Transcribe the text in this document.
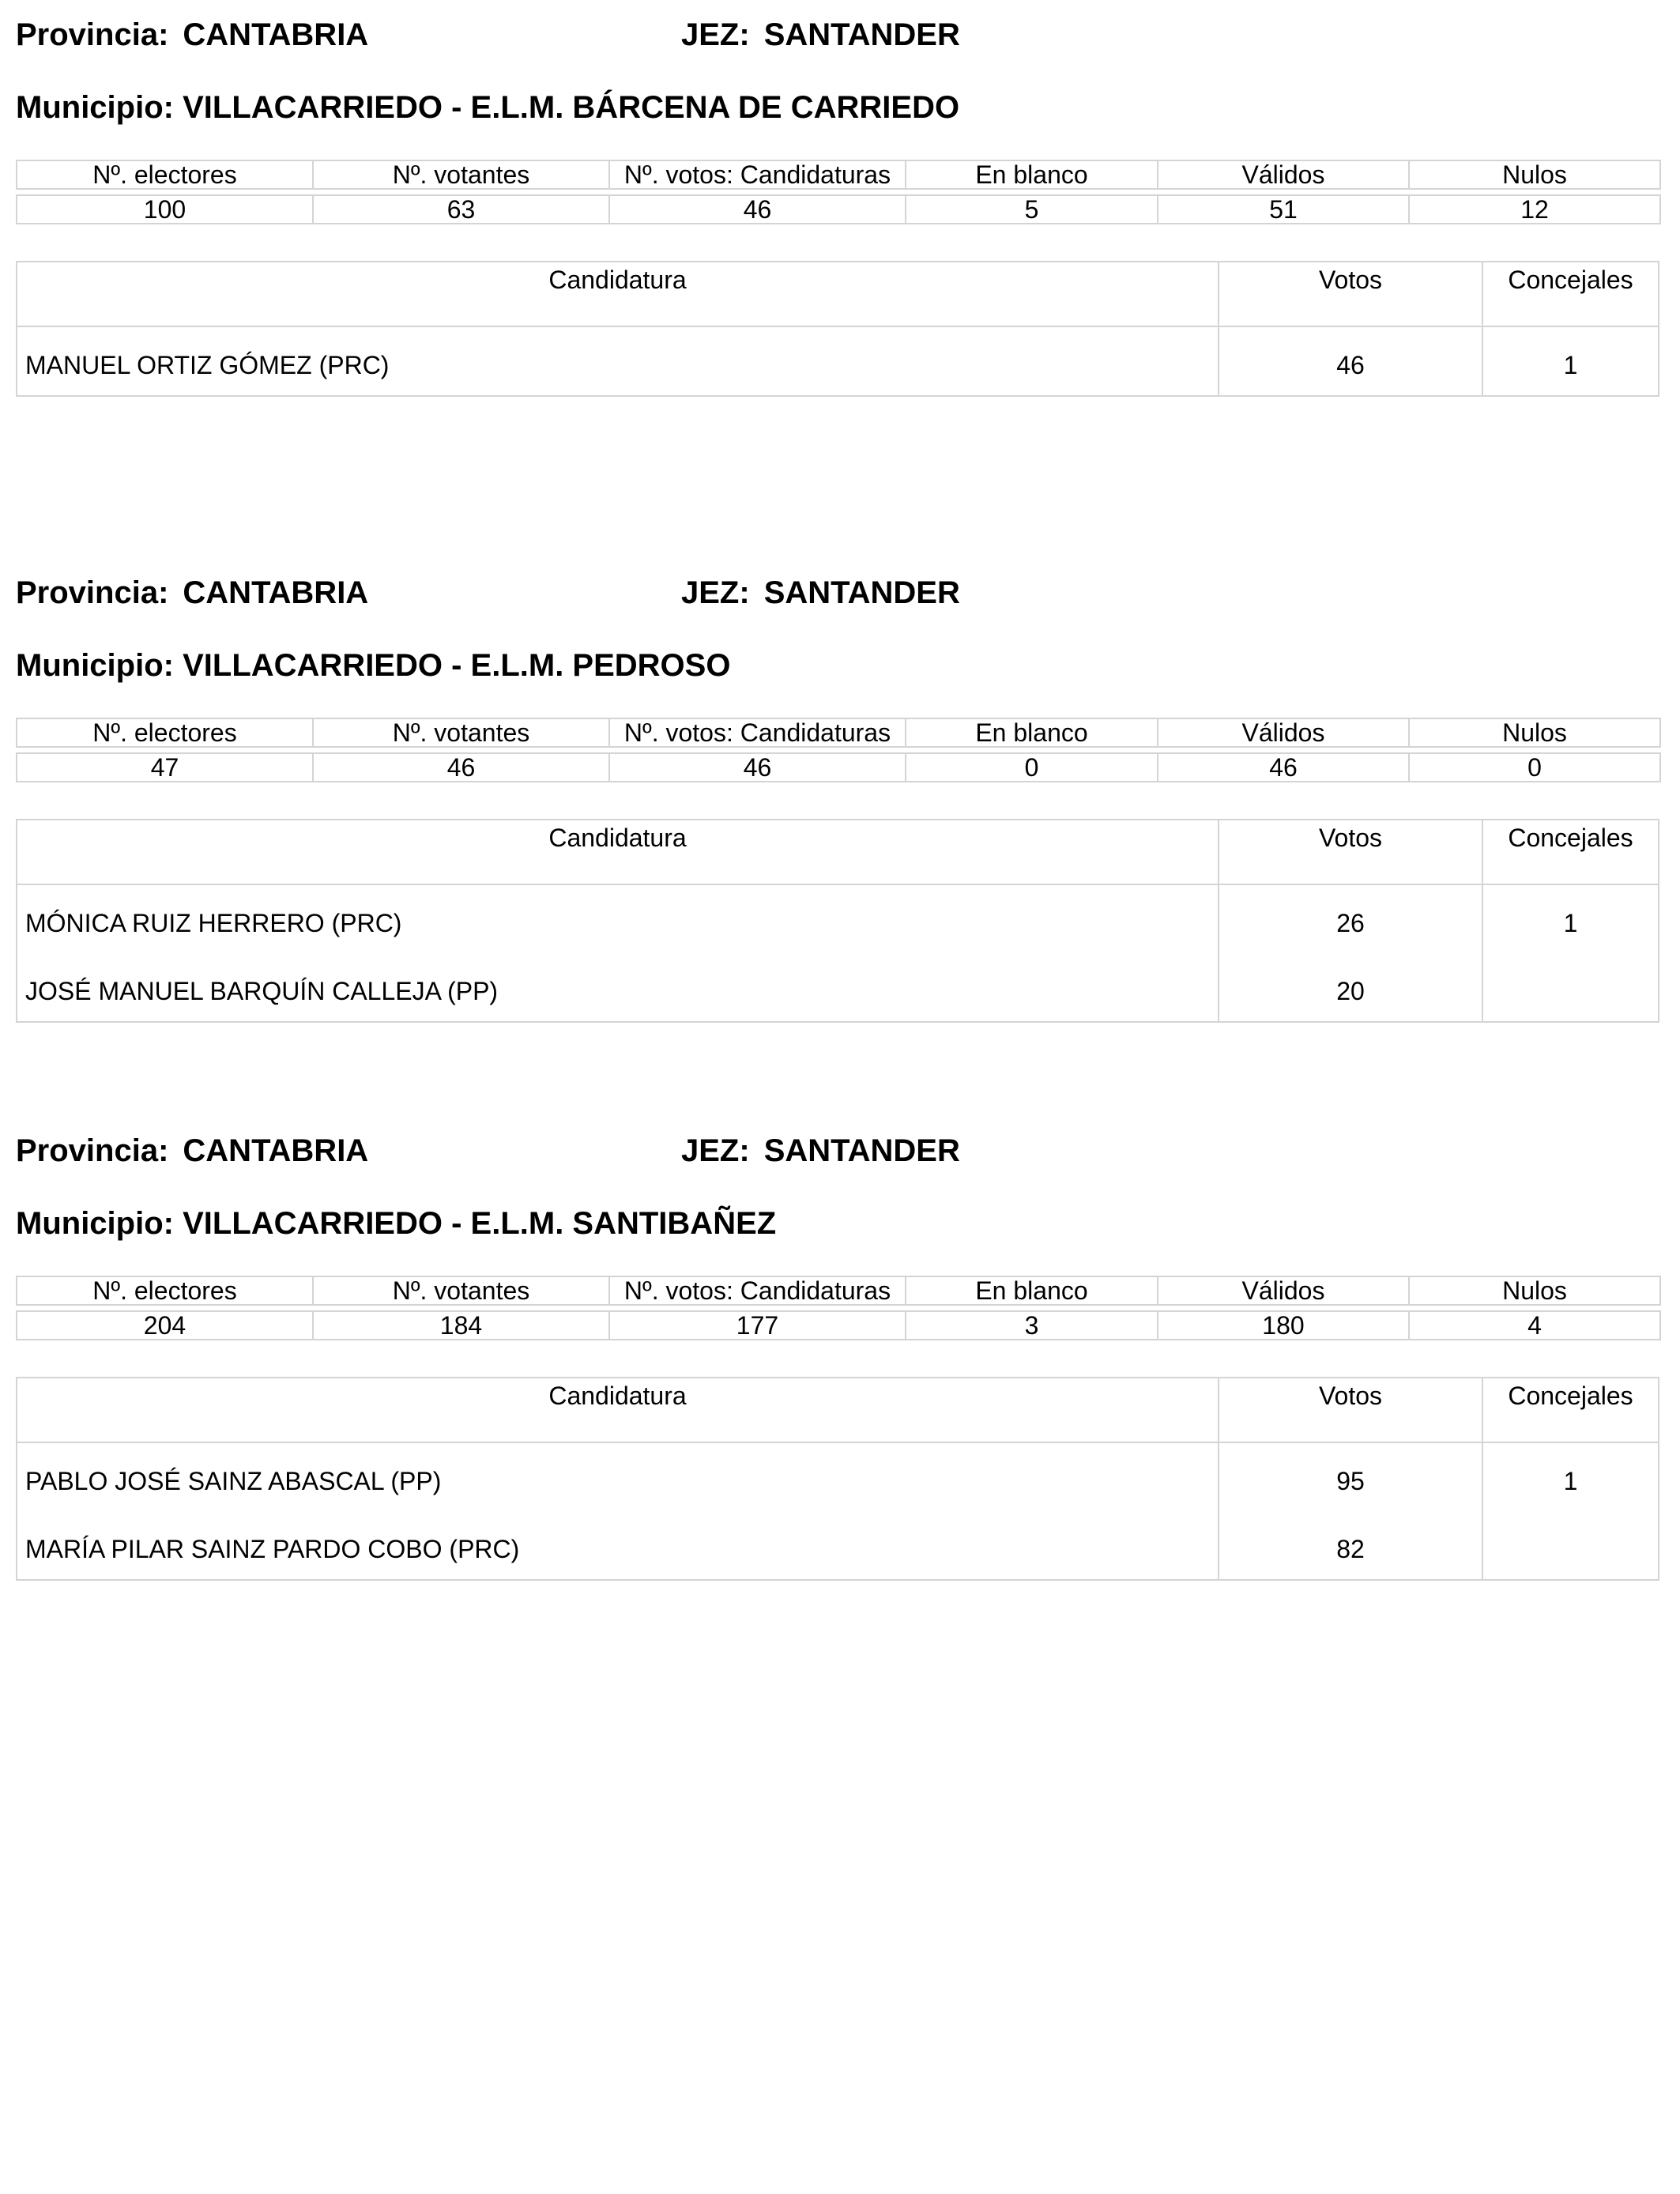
Provincia: CANTABRIA	JEZ: SANTANDER
Municipio: VILLACARRIEDO - E.L.M. BÁRCENA DE CARRIEDO
Nº. electores	Nº. votantes	Nº. votos: Candidaturas	En blanco	Válidos	Nulos

100	63	46	5	51	12
Candidatura	Votos	Concejales
MANUEL ORTIZ GÓMEZ (PRC)	46	1
Provincia: CANTABRIA	JEZ: SANTANDER
Municipio: VILLACARRIEDO - E.L.M. PEDROSO
Nº. electores	Nº. votantes	Nº. votos: Candidaturas	En blanco	Válidos	Nulos

47	46	46	0	46	0
Candidatura	Votos	Concejales
MÓNICA RUIZ HERRERO (PRC)	26	1
JOSÉ MANUEL BARQUÍN CALLEJA (PP)	20
Provincia: CANTABRIA	JEZ: SANTANDER
Municipio: VILLACARRIEDO - E.L.M. SANTIBAÑEZ
Nº. electores	Nº. votantes	Nº. votos: Candidaturas	En blanco	Válidos	Nulos

204	184	177	3	180	4
Candidatura	Votos	Concejales
PABLO JOSÉ SAINZ ABASCAL (PP)	95	1
MARÍA PILAR SAINZ PARDO COBO (PRC)	82
